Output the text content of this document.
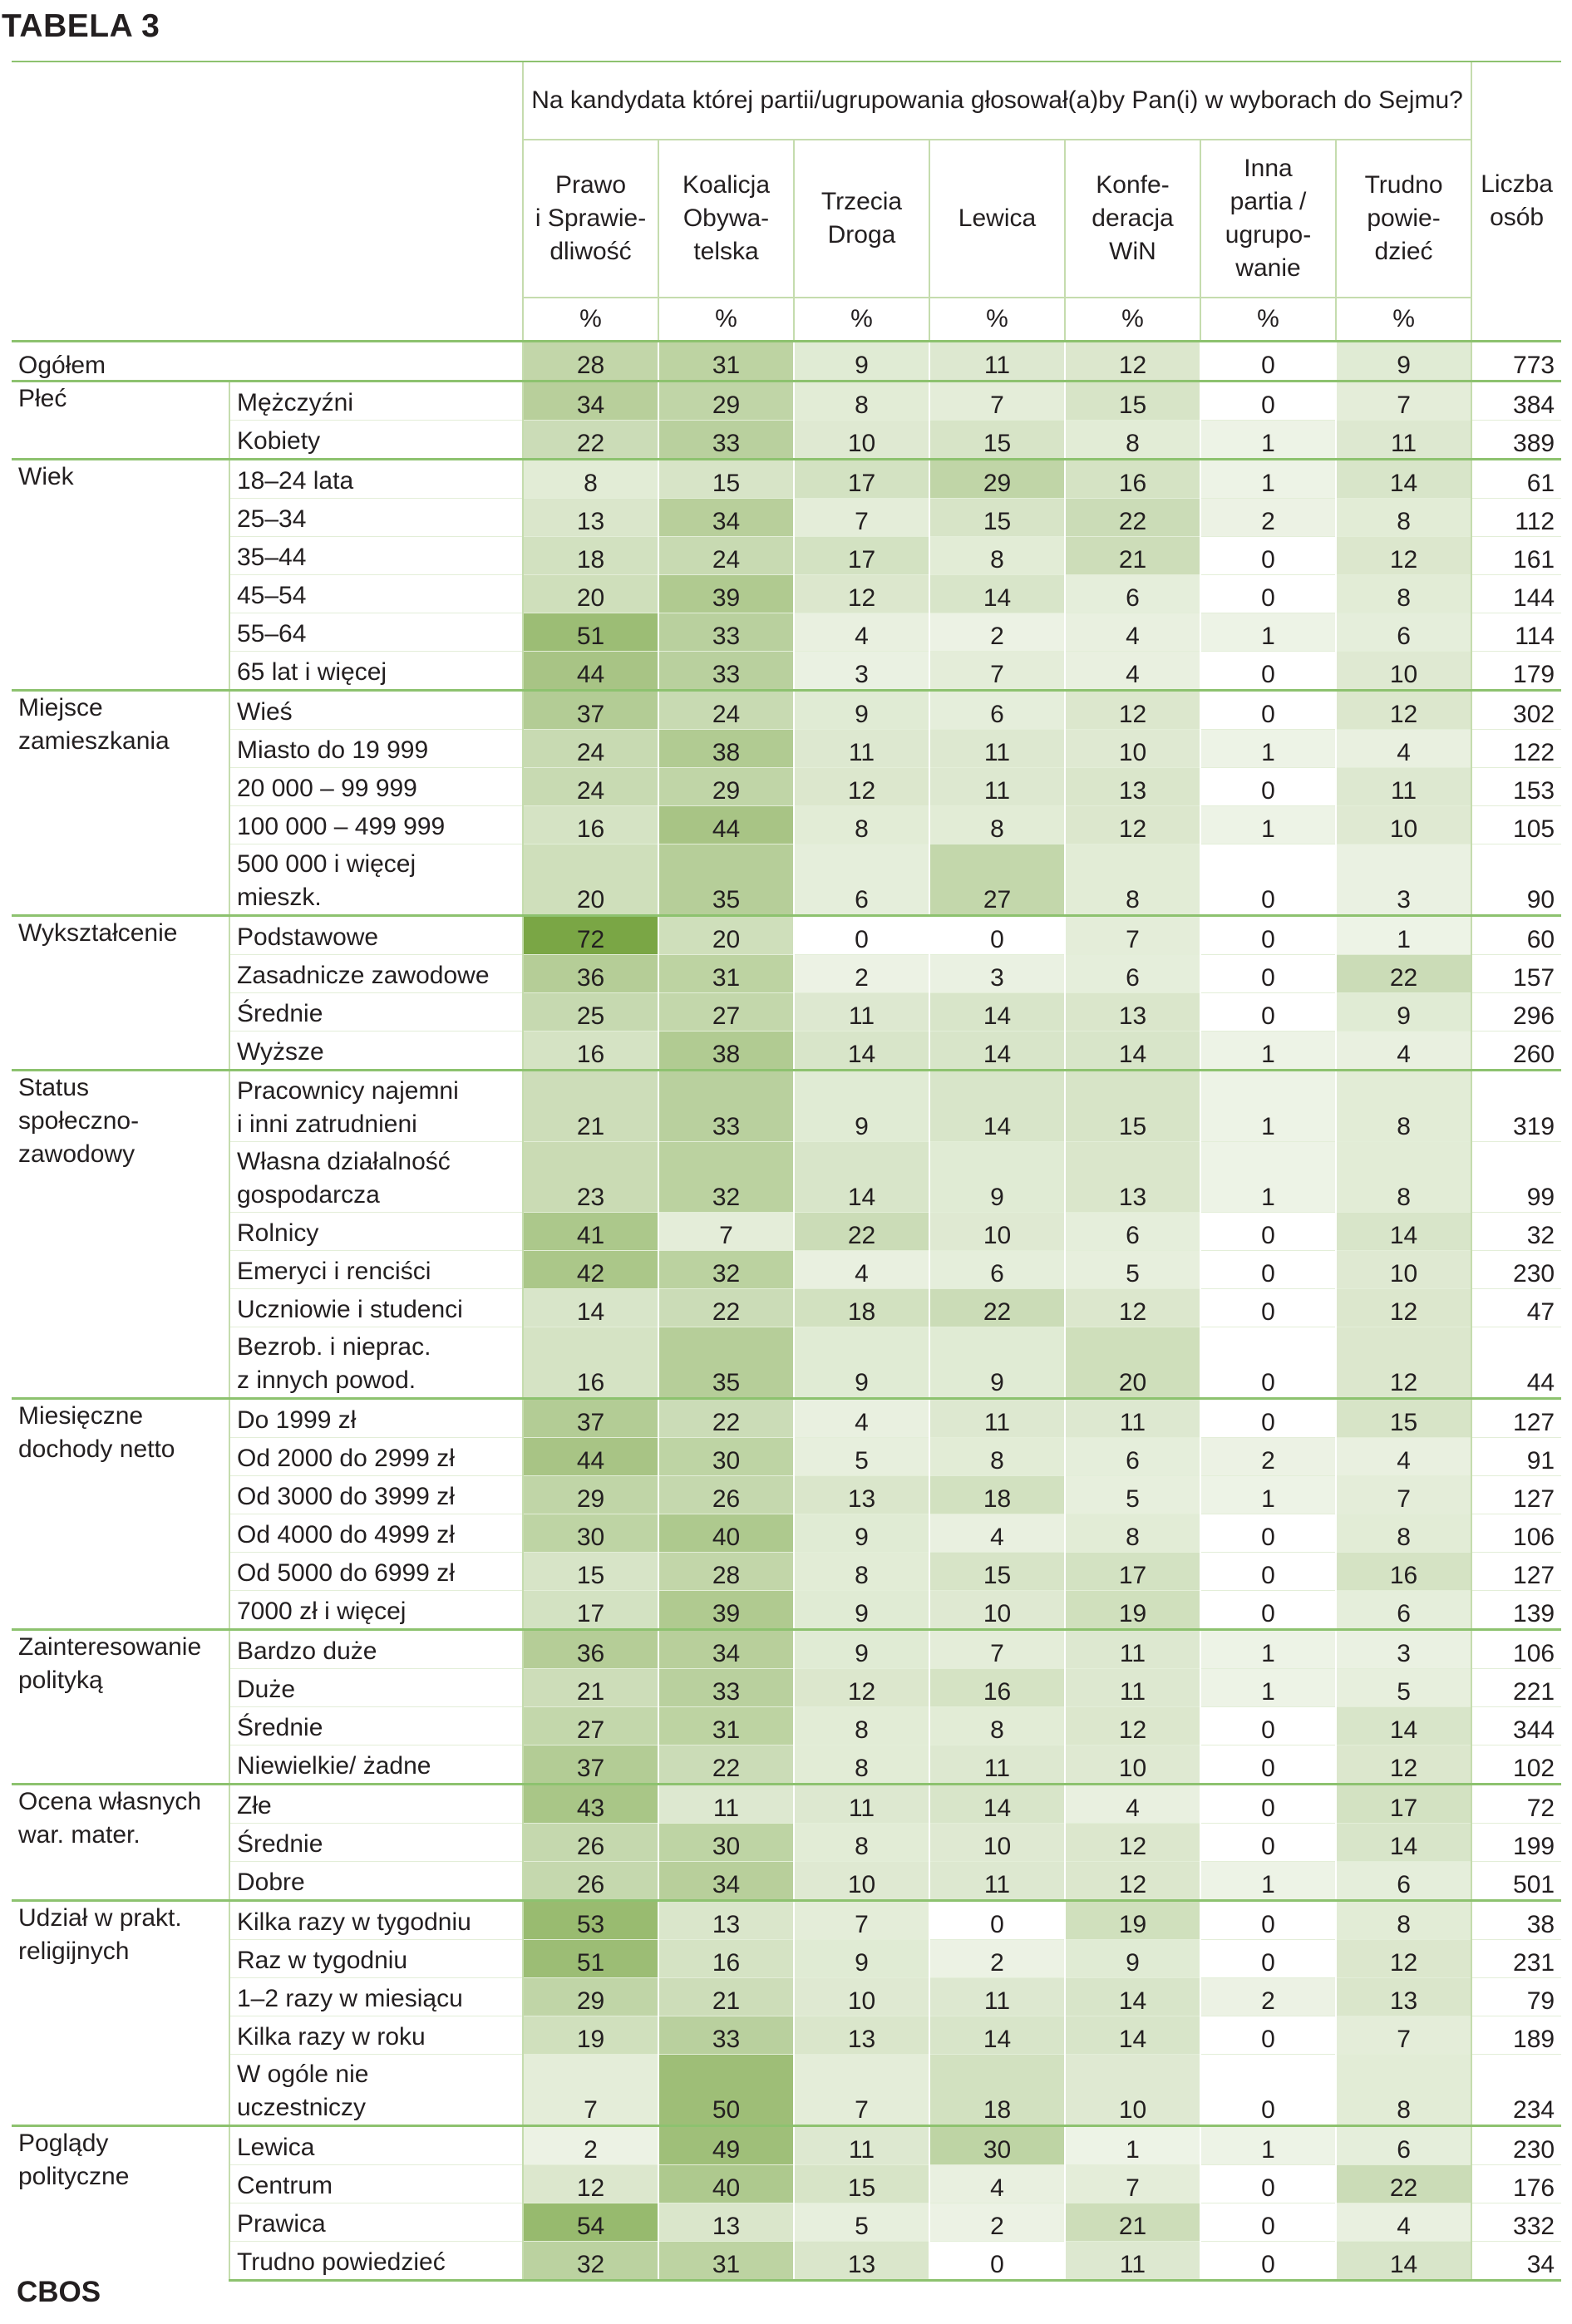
TABELA 3
		Na kandydata której partii/ugrupowania głosował(a)by Pan(i) w wyborach do Sejmu?							Liczba
osób
		Prawo
i Sprawie-
dliwość	Koalicja
Obywa-
telska	Trzecia
Droga	Lewica	Konfe-
deracja
WiN	Inna
partia /
ugrupo-
wanie	Trudno
powie-
dzieć	
		%	%	%	%	%	%	%	
Ogółem		28	31	9	11	12	0	9	773
Płeć	Mężczyźni	34	29	8	7	15	0	7	384
	Kobiety	22	33	10	15	8	1	11	389
Wiek	18–24 lata	8	15	17	29	16	1	14	61
	25–34	13	34	7	15	22	2	8	112
	35–44	18	24	17	8	21	0	12	161
	45–54	20	39	12	14	6	0	8	144
	55–64	51	33	4	2	4	1	6	114
	65 lat i więcej	44	33	3	7	4	0	10	179
Miejsce
zamieszkania	Wieś	37	24	9	6	12	0	12	302
	Miasto do 19 999	24	38	11	11	10	1	4	122
	20 000 – 99 999	24	29	12	11	13	0	11	153
	100 000 – 499 999	16	44	8	8	12	1	10	105
	500 000 i więcej
mieszk.	20	35	6	27	8	0	3	90
Wykształcenie	Podstawowe	72	20	0	0	7	0	1	60
	Zasadnicze zawodowe	36	31	2	3	6	0	22	157
	Średnie	25	27	11	14	13	0	9	296
	Wyższe	16	38	14	14	14	1	4	260
Status
społeczno-
zawodowy	Pracownicy najemni
i inni zatrudnieni	21	33	9	14	15	1	8	319
	Własna działalność
gospodarcza	23	32	14	9	13	1	8	99
	Rolnicy	41	7	22	10	6	0	14	32
	Emeryci i renciści	42	32	4	6	5	0	10	230
	Uczniowie i studenci	14	22	18	22	12	0	12	47
	Bezrob. i nieprac.
z innych powod.	16	35	9	9	20	0	12	44
Miesięczne
dochody netto	Do 1999 zł	37	22	4	11	11	0	15	127
	Od 2000 do 2999 zł	44	30	5	8	6	2	4	91
	Od 3000 do 3999 zł	29	26	13	18	5	1	7	127
	Od 4000 do 4999 zł	30	40	9	4	8	0	8	106
	Od 5000 do 6999 zł	15	28	8	15	17	0	16	127
	7000 zł i więcej	17	39	9	10	19	0	6	139
Zainteresowanie
polityką	Bardzo duże	36	34	9	7	11	1	3	106
	Duże	21	33	12	16	11	1	5	221
	Średnie	27	31	8	8	12	0	14	344
	Niewielkie/ żadne	37	22	8	11	10	0	12	102
Ocena własnych
war. mater.	Złe	43	11	11	14	4	0	17	72
	Średnie	26	30	8	10	12	0	14	199
	Dobre	26	34	10	11	12	1	6	501
Udział w prakt.
religijnych	Kilka razy w tygodniu	53	13	7	0	19	0	8	38
	Raz w tygodniu	51	16	9	2	9	0	12	231
	1–2 razy w miesiącu	29	21	10	11	14	2	13	79
	Kilka razy w roku	19	33	13	14	14	0	7	189
	W ogóle nie
uczestniczy	7	50	7	18	10	0	8	234
Poglądy
polityczne	Lewica	2	49	11	30	1	1	6	230
	Centrum	12	40	15	4	7	0	22	176
	Prawica	54	13	5	2	21	0	4	332
	Trudno powiedzieć	32	31	13	0	11	0	14	34
CBOS
